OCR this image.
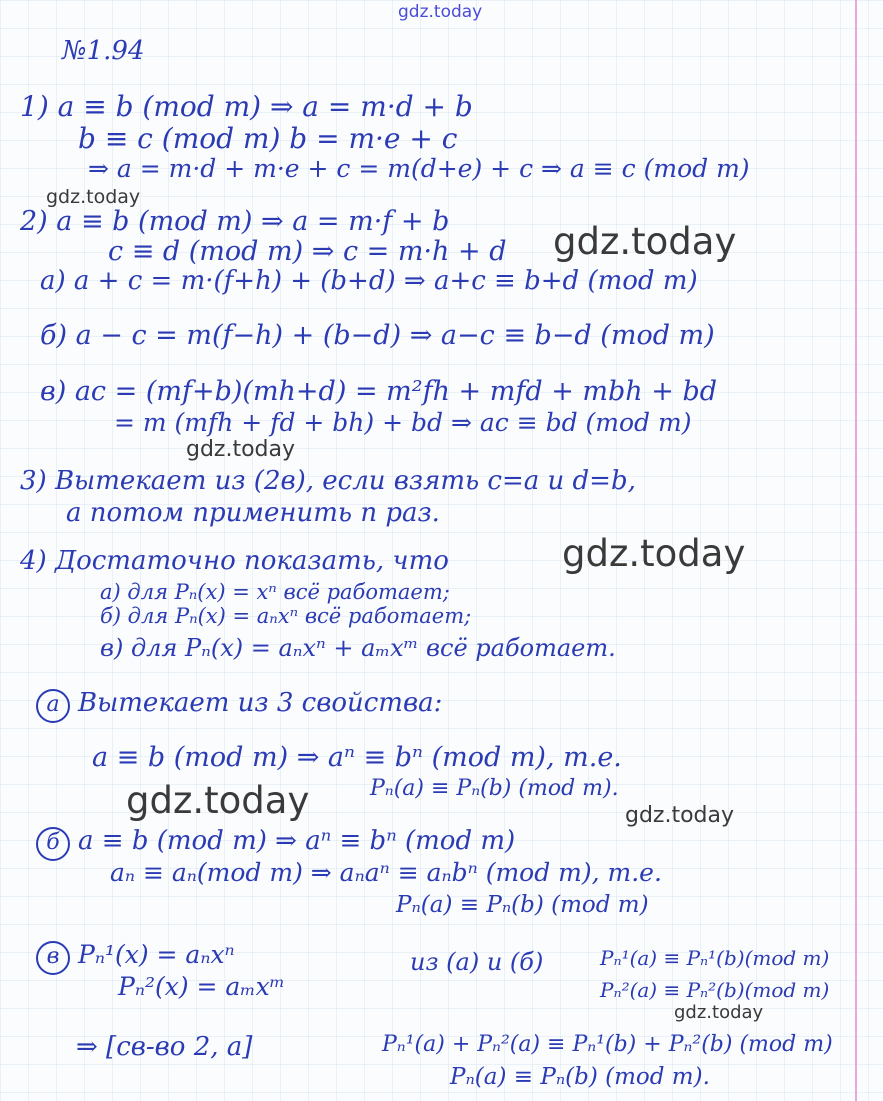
gdz.today
gdz.today
gdz.today
gdz.today
gdz.today
gdz.today	gdz.today
gdz.today
№1.94
1) a ≡ b (mod m) ⇒ a = m·d + b
b ≡ c (mod m) b = m·e + c
⇒ a = m·d + m·e + c = m(d+e) + c ⇒ a ≡ c (mod m)
2) a ≡ b (mod m) ⇒ a = m·f + b
c ≡ d (mod m) ⇒ c = m·h + d
а) a + c = m·(f+h) + (b+d) ⇒ a+c ≡ b+d (mod m)
б) a − c = m(f−h) + (b−d) ⇒ a−c ≡ b−d (mod m)
в) ac = (mf+b)(mh+d) = m²fh + mfd + mbh + bd
= m (mfh + fd + bh) + bd ⇒ ac ≡ bd (mod m)
3) Вытекает из (2в), если взять c=a и d=b,
а потом применить n раз.
4) Достаточно показать, что
а) для Pₙ(x) = xⁿ всё работает;
б) для Pₙ(x) = aₙxⁿ всё работает;
в) для Pₙ(x) = aₙxⁿ + aₘxᵐ всё работает.
а Вытекает из 3 свойства:
a ≡ b (mod m) ⇒ aⁿ ≡ bⁿ (mod m), т.е.
Pₙ(a) ≡ Pₙ(b) (mod m).
б a ≡ b (mod m) ⇒ aⁿ ≡ bⁿ (mod m)
aₙ ≡ aₙ(mod m) ⇒ aₙaⁿ ≡ aₙbⁿ (mod m), т.е.
Pₙ(a) ≡ Pₙ(b) (mod m)
в Pₙ¹(x) = aₙxⁿ
Pₙ²(x) = aₘxᵐ
из (а) и (б)	Pₙ¹(a) ≡ Pₙ¹(b)(mod m)
Pₙ²(a) ≡ Pₙ²(b)(mod m)
⇒ [св-во 2, а]	Pₙ¹(a) + Pₙ²(a) ≡ Pₙ¹(b) + Pₙ²(b) (mod m)
Pₙ(a) ≡ Pₙ(b) (mod m).
